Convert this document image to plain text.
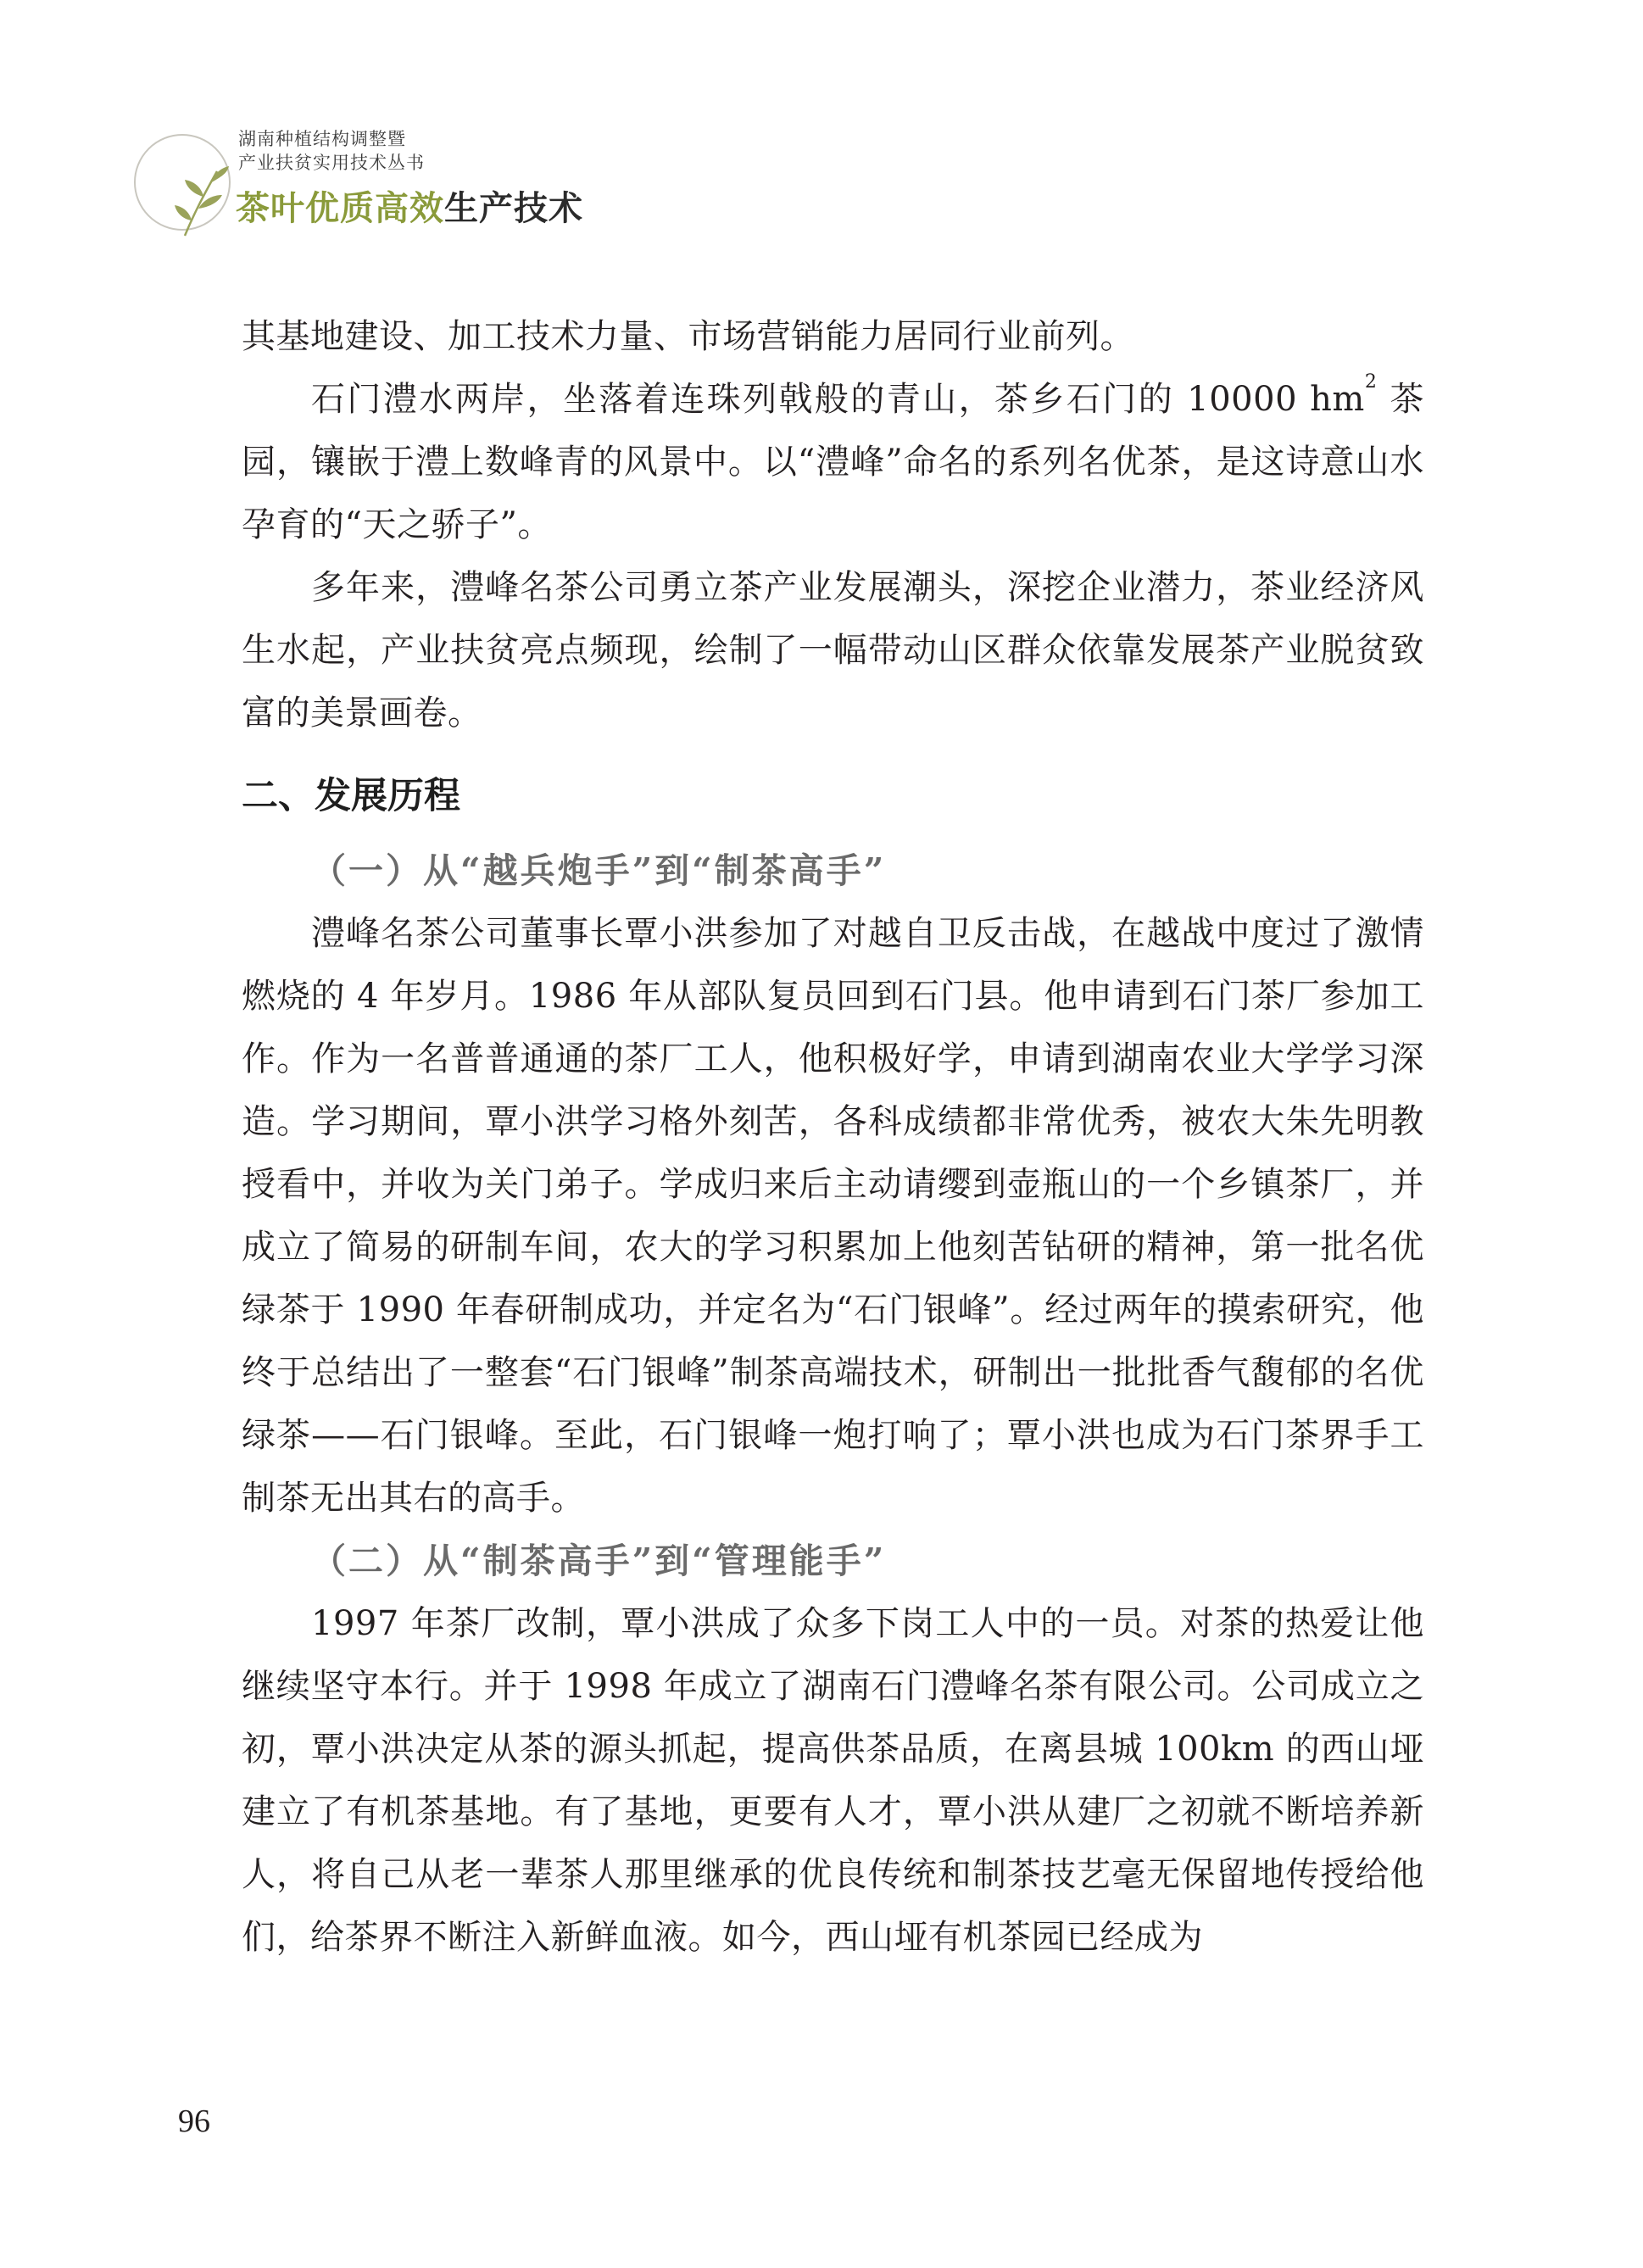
湖南种植结构调整暨
产业扶贫实用技术丛书
茶叶优质高效生产技术

其基地建设、加工技术力量、市场营销能力居同行业前列。

石门澧水两岸，坐落着连珠列戟般的青山，茶乡石门的 10000 $hm^2$ 茶园，镶嵌于澧上数峰青的风景中。以“澧峰”命名的系列名优茶，是这诗意山水孕育的“天之骄子”。

多年来，澧峰名茶公司勇立茶产业发展潮头，深挖企业潜力，茶业经济风生水起，产业扶贫亮点频现，绘制了一幅带动山区群众依靠发展茶产业脱贫致富的美景画卷。

二、发展历程
（一）从“越兵炮手”到“制茶高手”

澧峰名茶公司董事长覃小洪参加了对越自卫反击战，在越战中度过了激情燃烧的 4 年岁月。1986 年从部队复员回到石门县。他申请到石门茶厂参加工作。作为一名普普通通的茶厂工人，他积极好学，申请到湖南农业大学学习深造。学习期间，覃小洪学习格外刻苦，各科成绩都非常优秀，被农大朱先明教授看中，并收为关门弟子。学成归来后主动请缨到壶瓶山的一个乡镇茶厂，并成立了简易的研制车间，农大的学习积累加上他刻苦钻研的精神，第一批名优绿茶于 1990 年春研制成功，并定名为“石门银峰”。经过两年的摸索研究，他终于总结出了一整套“石门银峰”制茶高端技术，研制出一批批香气馥郁的名优绿茶——石门银峰。至此，石门银峰一炮打响了；覃小洪也成为石门茶界手工制茶无出其右的高手。

（二）从“制茶高手”到“管理能手”

1997 年茶厂改制，覃小洪成了众多下岗工人中的一员。对茶的热爱让他继续坚守本行。并于 1998 年成立了湖南石门澧峰名茶有限公司。公司成立之初，覃小洪决定从茶的源头抓起，提高供茶品质，在离县城 100km 的西山垭建立了有机茶基地。有了基地，更要有人才，覃小洪从建厂之初就不断培养新人，将自己从老一辈茶人那里继承的优良传统和制茶技艺毫无保留地传授给他们，给茶界不断注入新鲜血液。如今，西山垭有机茶园已经成为

96
